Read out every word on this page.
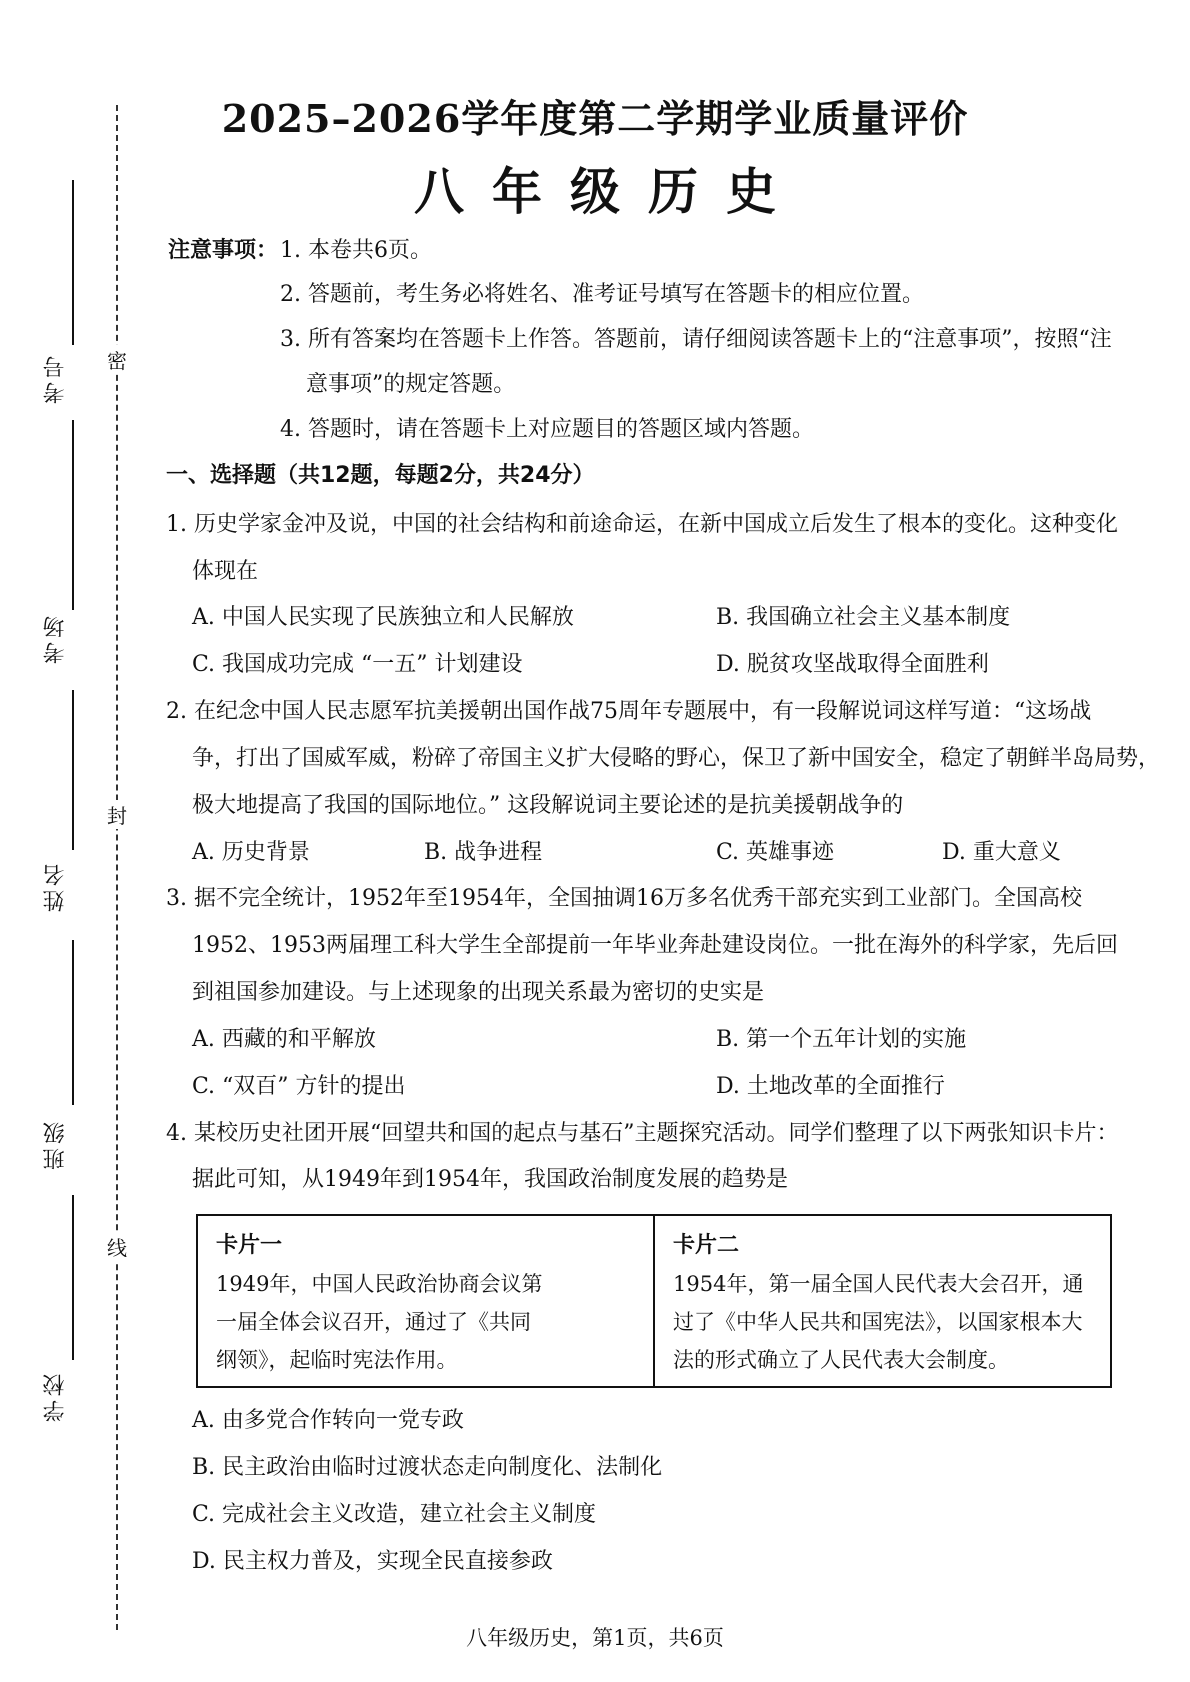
考号
考场
姓名
班级
学校
密
封
线
2025–2026学年度第二学期学业质量评价
八年级历史
注意事项： 1. 本卷共6页。
2. 答题前，考生务必将姓名、准考证号填写在答题卡的相应位置。
3. 所有答案均在答题卡上作答。答题前，请仔细阅读答题卡上的“注意事项”，按照“注
意事项”的规定答题。
4. 答题时，请在答题卡上对应题目的答题区域内答题。
一、选择题（共12题，每题2分，共24分）
1. 历史学家金冲及说，中国的社会结构和前途命运，在新中国成立后发生了根本的变化。这种变化
体现在
A. 中国人民实现了民族独立和人民解放	B. 我国确立社会主义基本制度
C. 我国成功完成 “一五” 计划建设	D. 脱贫攻坚战取得全面胜利
2. 在纪念中国人民志愿军抗美援朝出国作战75周年专题展中，有一段解说词这样写道：“这场战
争，打出了国威军威，粉碎了帝国主义扩大侵略的野心，保卫了新中国安全，稳定了朝鲜半岛局势，
极大地提高了我国的国际地位。” 这段解说词主要论述的是抗美援朝战争的
A. 历史背景	B. 战争进程	C. 英雄事迹	D. 重大意义
3. 据不完全统计，1952年至1954年，全国抽调16万多名优秀干部充实到工业部门。全国高校
1952、1953两届理工科大学生全部提前一年毕业奔赴建设岗位。一批在海外的科学家，先后回
到祖国参加建设。与上述现象的出现关系最为密切的史实是
A. 西藏的和平解放	B. 第一个五年计划的实施
C. “双百” 方针的提出	D. 土地改革的全面推行
4. 某校历史社团开展“回望共和国的起点与基石”主题探究活动。同学们整理了以下两张知识卡片：
据此可知，从1949年到1954年，我国政治制度发展的趋势是
卡片一
1949年，中国人民政治协商会议第
一届全体会议召开，通过了《共同
纲领》，起临时宪法作用。
卡片二
1954年，第一届全国人民代表大会召开，通
过了《中华人民共和国宪法》，以国家根本大
法的形式确立了人民代表大会制度。
A. 由多党合作转向一党专政
B. 民主政治由临时过渡状态走向制度化、法制化
C. 完成社会主义改造，建立社会主义制度
D. 民主权力普及，实现全民直接参政
八年级历史，第1页，共6页
